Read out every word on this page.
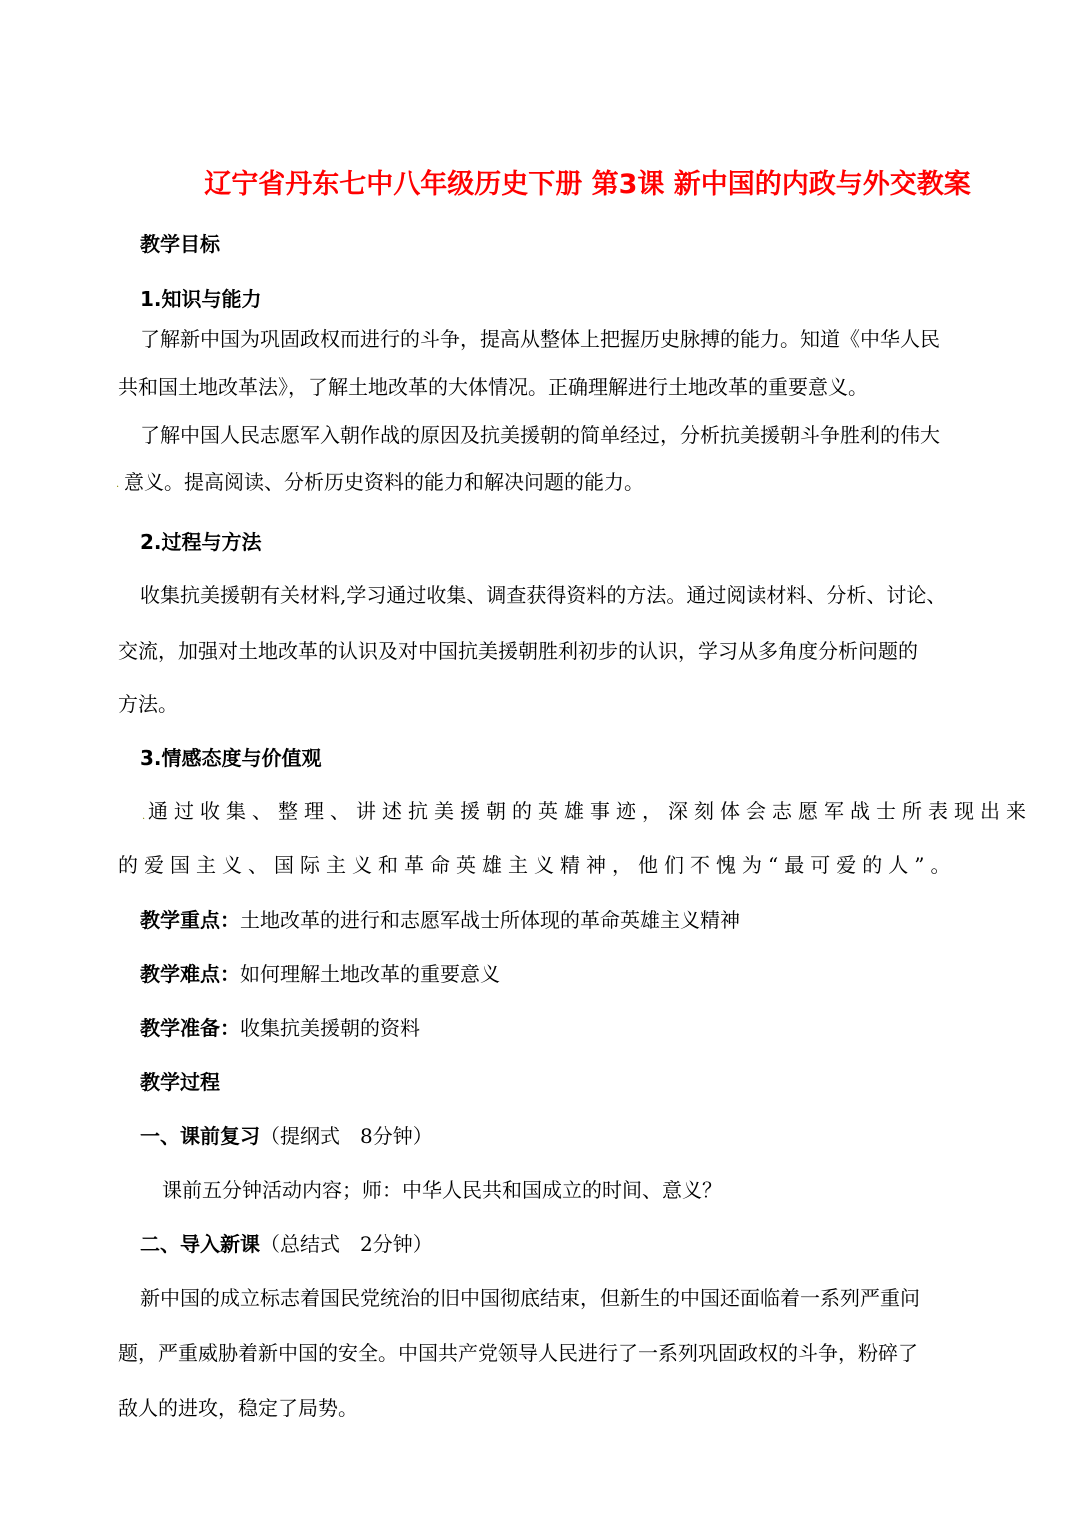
辽宁省丹东七中八年级历史下册 第3课 新中国的内政与外交教案
教学目标
1.知识与能力
了解新中国为巩固政权而进行的斗争，提高从整体上把握历史脉搏的能力。知道《中华人民
共和国土地改革法》，了解土地改革的大体情况。正确理解进行土地改革的重要意义。
了解中国人民志愿军入朝作战的原因及抗美援朝的简单经过，分析抗美援朝斗争胜利的伟大
. 意义。提高阅读、分析历史资料的能力和解决问题的能力。
2.过程与方法
收集抗美援朝有关材料,学习通过收集、调查获得资料的方法。通过阅读材料、分析、讨论、
交流，加强对土地改革的认识及对中国抗美援朝胜利初步的认识，学习从多角度分析问题的
方法。
3.情感态度与价值观
. 通过收集、整理、讲述抗美援朝的英雄事迹，深刻体会志愿军战士所表现出来
的爱国主义、国际主义和革命英雄主义精神，他们不愧为“最可爱的人”。
教学重点：土地改革的进行和志愿军战士所体现的革命英雄主义精神
教学难点：如何理解土地改革的重要意义
教学准备：收集抗美援朝的资料
教学过程
一、课前复习（提纲式　8分钟）
课前五分钟活动内容；师：中华人民共和国成立的时间、意义？
二、导入新课（总结式　2分钟）
新中国的成立标志着国民党统治的旧中国彻底结束，但新生的中国还面临着一系列严重问
题，严重威胁着新中国的安全。中国共产党领导人民进行了一系列巩固政权的斗争，粉碎了
敌人的进攻，稳定了局势。
